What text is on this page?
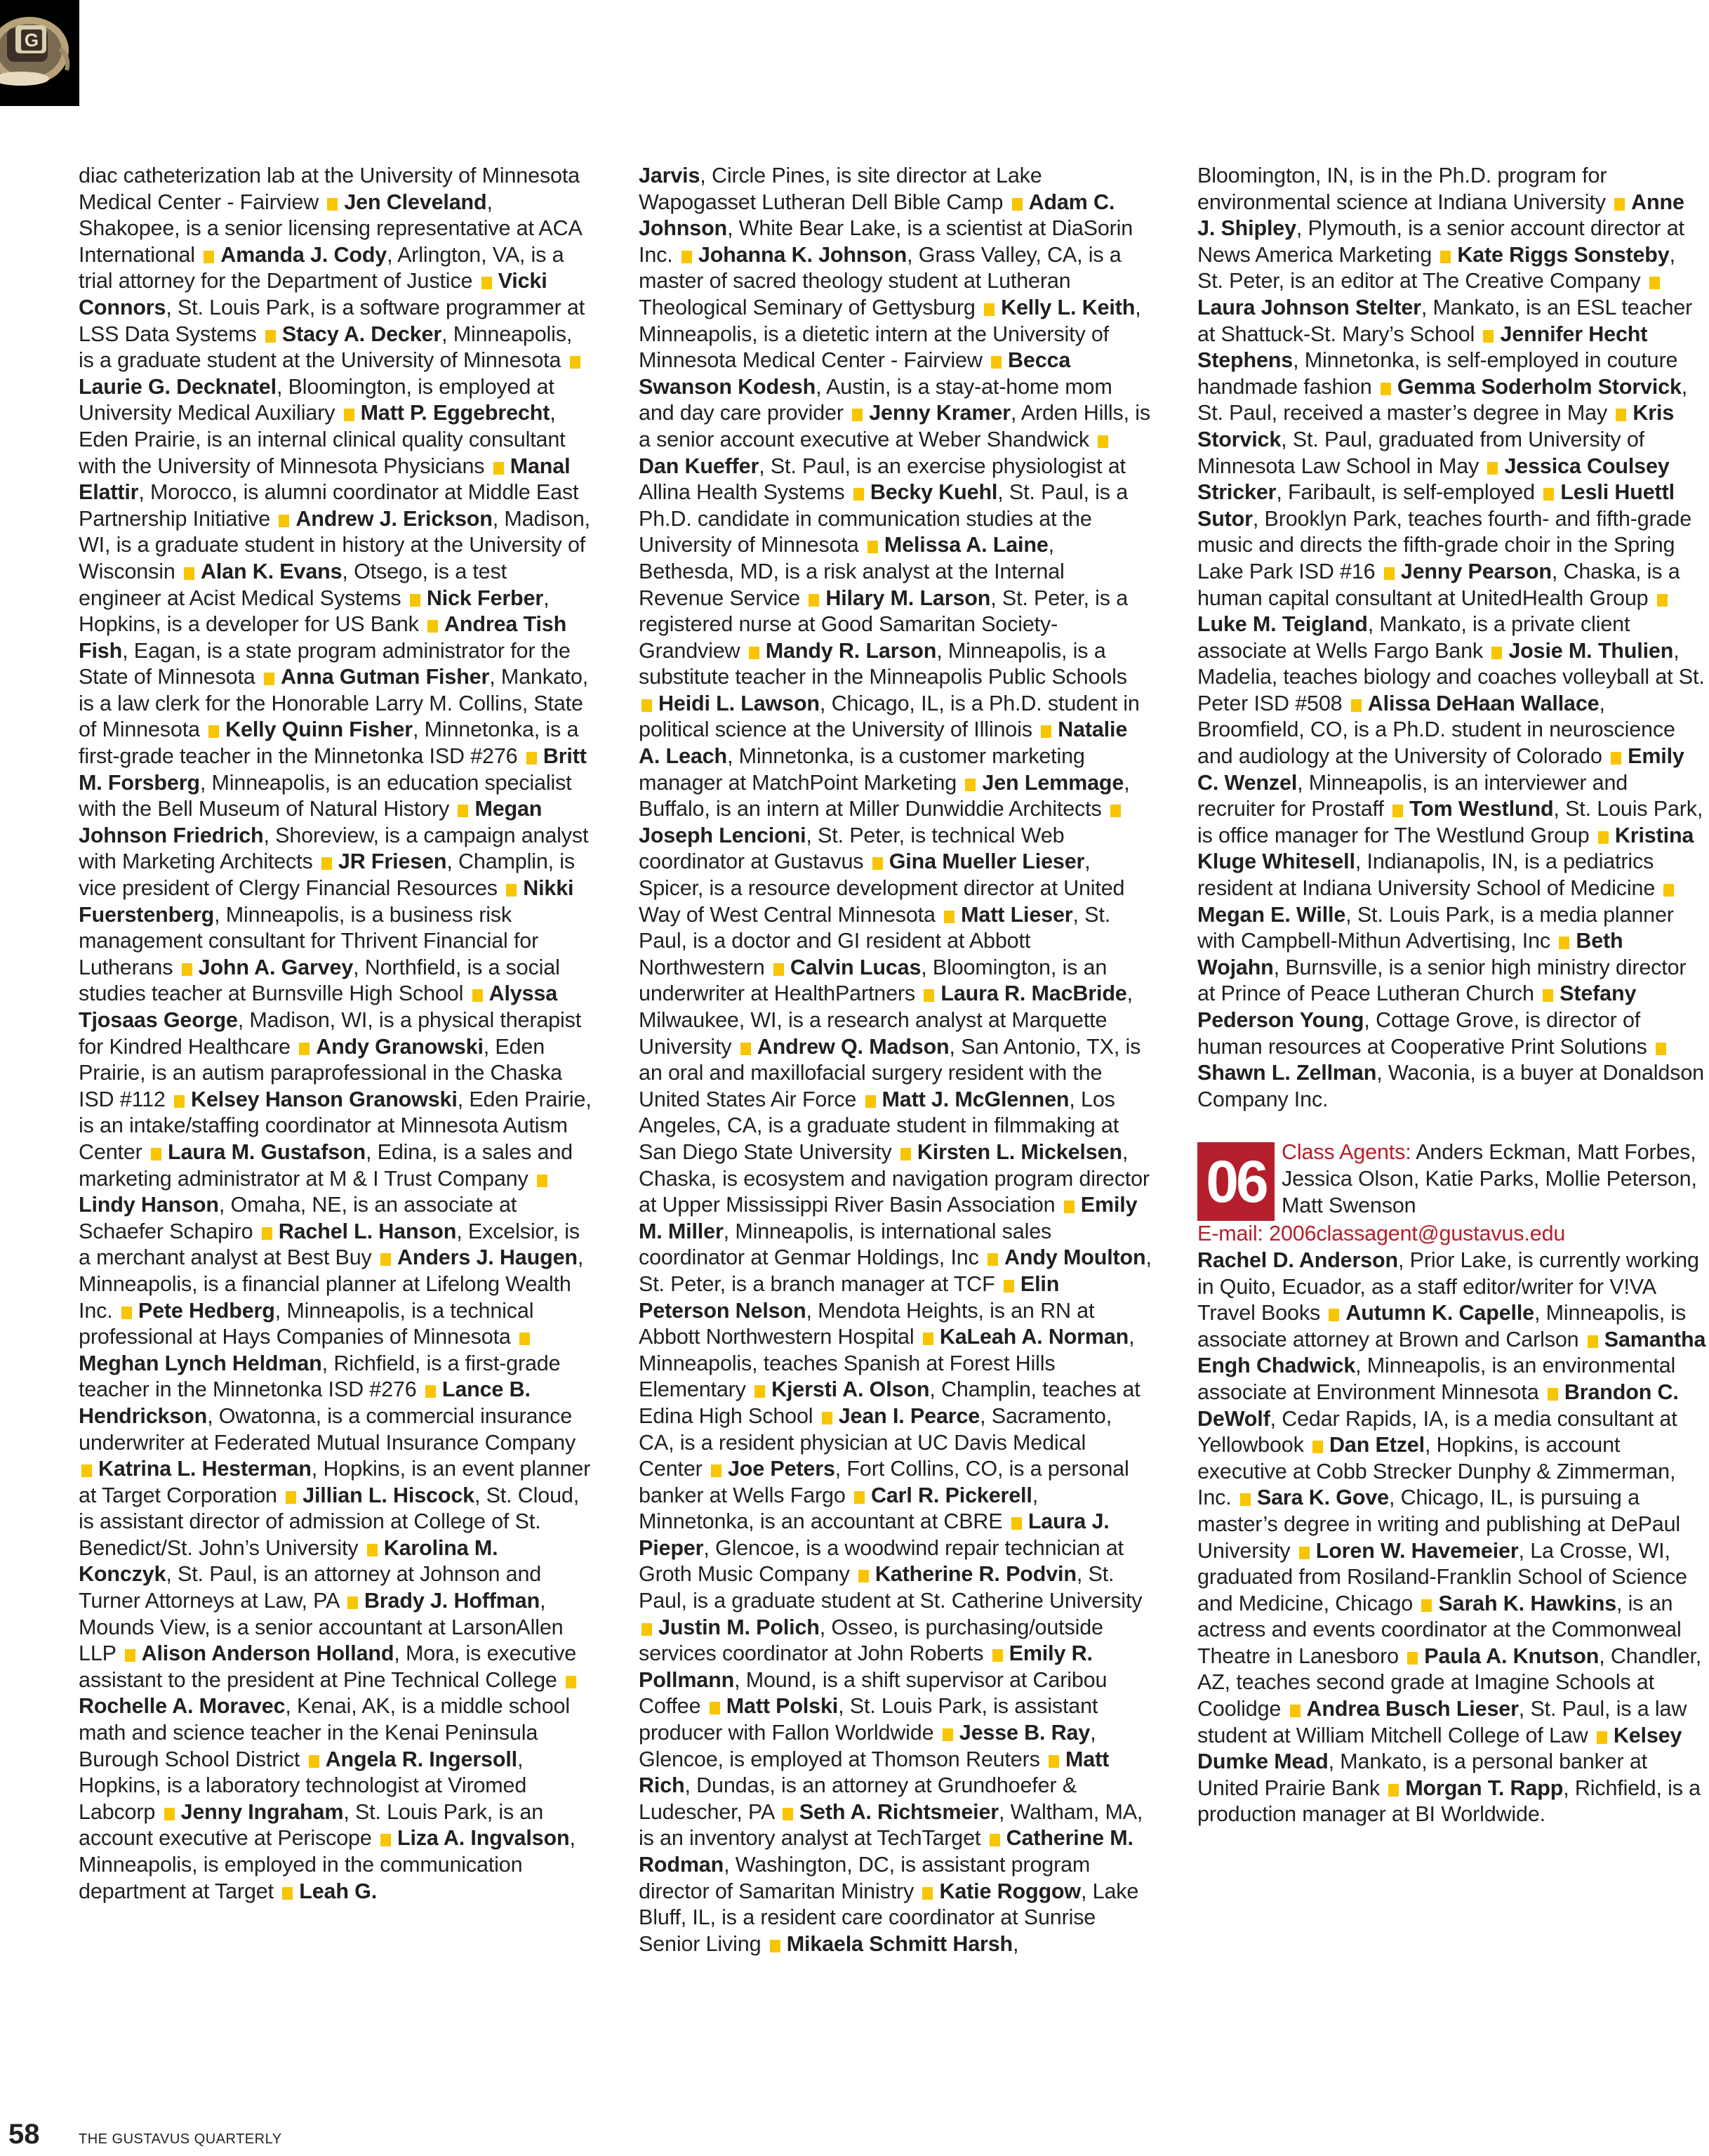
G
diac catheterization lab at the University of Minnesota Medical Center - Fairview Jen Cleveland, Shakopee, is a senior licensing representative at ACA International Amanda J. Cody, Arlington, VA, is a trial attorney for the Department of Justice Vicki Connors, St. Louis Park, is a software programmer at LSS Data Systems Stacy A. Decker, Minneapolis, is a graduate student at the University of Minnesota Laurie G. Decknatel, Bloomington, is employed at University Medical Auxiliary Matt P. Eggebrecht, Eden Prairie, is an internal clinical quality consultant with the University of Minnesota Physicians Manal Elattir, Morocco, is alumni coordinator at Middle East Partnership Initiative Andrew J. Erickson, Madison, WI, is a graduate student in history at the University of Wisconsin Alan K. Evans, Otsego, is a test engineer at Acist Medical Systems Nick Ferber, Hopkins, is a developer for US Bank Andrea Tish Fish, Eagan, is a state program administrator for the State of Minnesota Anna Gutman Fisher, Mankato, is a law clerk for the Honorable Larry M. Collins, State of Minnesota Kelly Quinn Fisher, Minnetonka, is a first-grade teacher in the Minnetonka ISD #276 Britt M. Forsberg, Minneapolis, is an education specialist with the Bell Museum of Natural History Megan Johnson Friedrich, Shoreview, is a campaign analyst with Marketing Architects JR Friesen, Champlin, is vice president of Clergy Financial Resources Nikki Fuerstenberg, Minneapolis, is a business risk management consultant for Thrivent Financial for Lutherans John A. Garvey, Northfield, is a social studies teacher at Burnsville High School Alyssa Tjosaas George, Madison, WI, is a physical therapist for Kindred Healthcare Andy Granowski, Eden Prairie, is an autism paraprofessional in the Chaska ISD #112 Kelsey Hanson Granowski, Eden Prairie, is an intake/staffing coordinator at Minnesota Autism Center Laura M. Gustafson, Edina, is a sales and marketing administrator at M & I Trust Company Lindy Hanson, Omaha, NE, is an associate at Schaefer Schapiro Rachel L. Hanson, Excelsior, is a merchant analyst at Best Buy Anders J. Haugen, Minneapolis, is a financial planner at Lifelong Wealth Inc. Pete Hedberg, Minneapolis, is a technical professional at Hays Companies of Minnesota Meghan Lynch Heldman, Richfield, is a first-grade teacher in the Minnetonka ISD #276 Lance B. Hendrickson, Owatonna, is a commercial insurance underwriter at Federated Mutual Insurance Company Katrina L. Hesterman, Hopkins, is an event planner at Target Corporation Jillian L. Hiscock, St. Cloud, is assistant director of admission at College of St. Benedict/St. John’s University Karolina M. Konczyk, St. Paul, is an attorney at Johnson and Turner Attorneys at Law, PA Brady J. Hoffman, Mounds View, is a senior accountant at LarsonAllen LLP Alison Anderson Holland, Mora, is executive assistant to the president at Pine Technical College Rochelle A. Moravec, Kenai, AK, is a middle school math and science teacher in the Kenai Peninsula Burough School District Angela R. Ingersoll, Hopkins, is a laboratory technologist at Viromed Labcorp Jenny Ingraham, St. Louis Park, is an account executive at Periscope Liza A. Ingvalson, Minneapolis, is employed in the communication department at Target Leah G.
Jarvis, Circle Pines, is site director at Lake Wapogasset Lutheran Dell Bible Camp Adam C. Johnson, White Bear Lake, is a scientist at DiaSorin Inc. Johanna K. Johnson, Grass Valley, CA, is a master of sacred theology student at Lutheran Theological Seminary of Gettysburg Kelly L. Keith, Minneapolis, is a dietetic intern at the University of Minnesota Medical Center - Fairview Becca Swanson Kodesh, Austin, is a stay-at-home mom and day care provider Jenny Kramer, Arden Hills, is a senior account executive at Weber Shandwick Dan Kueffer, St. Paul, is an exercise physiologist at Allina Health Systems Becky Kuehl, St. Paul, is a Ph.D. candidate in communication studies at the University of Minnesota Melissa A. Laine, Bethesda, MD, is a risk analyst at the Internal Revenue Service Hilary M. Larson, St. Peter, is a registered nurse at Good Samaritan Society-Grandview Mandy R. Larson, Minneapolis, is a substitute teacher in the Minneapolis Public Schools Heidi L. Lawson, Chicago, IL, is a Ph.D. student in political science at the University of Illinois Natalie A. Leach, Minnetonka, is a customer marketing manager at MatchPoint Marketing Jen Lemmage, Buffalo, is an intern at Miller Dunwiddie Architects Joseph Lencioni, St. Peter, is technical Web coordinator at Gustavus Gina Mueller Lieser, Spicer, is a resource development director at United Way of West Central Minnesota Matt Lieser, St. Paul, is a doctor and GI resident at Abbott Northwestern Calvin Lucas, Bloomington, is an underwriter at HealthPartners Laura R. MacBride, Milwaukee, WI, is a research analyst at Marquette University Andrew Q. Madson, San Antonio, TX, is an oral and maxillofacial surgery resident with the United States Air Force Matt J. McGlennen, Los Angeles, CA, is a graduate student in filmmaking at San Diego State University Kirsten L. Mickelsen, Chaska, is ecosystem and navigation program director at Upper Mississippi River Basin Association Emily M. Miller, Minneapolis, is international sales coordinator at Genmar Holdings, Inc Andy Moulton, St. Peter, is a branch manager at TCF Elin Peterson Nelson, Mendota Heights, is an RN at Abbott Northwestern Hospital KaLeah A. Norman, Minneapolis, teaches Spanish at Forest Hills Elementary Kjersti A. Olson, Champlin, teaches at Edina High School Jean I. Pearce, Sacramento, CA, is a resident physician at UC Davis Medical Center Joe Peters, Fort Collins, CO, is a personal banker at Wells Fargo Carl R. Pickerell, Minnetonka, is an accountant at CBRE Laura J. Pieper, Glencoe, is a woodwind repair technician at Groth Music Company Katherine R. Podvin, St. Paul, is a graduate student at St. Catherine University Justin M. Polich, Osseo, is purchasing/outside services coordinator at John Roberts Emily R. Pollmann, Mound, is a shift supervisor at Caribou Coffee Matt Polski, St. Louis Park, is assistant producer with Fallon Worldwide Jesse B. Ray, Glencoe, is employed at Thomson Reuters Matt Rich, Dundas, is an attorney at Grundhoefer & Ludescher, PA Seth A. Richtsmeier, Waltham, MA, is an inventory analyst at TechTarget Catherine M. Rodman, Washington, DC, is assistant program director of Samaritan Ministry Katie Roggow, Lake Bluff, IL, is a resident care coordinator at Sunrise Senior Living Mikaela Schmitt Harsh,
Bloomington, IN, is in the Ph.D. program for environmental science at Indiana University Anne J. Shipley, Plymouth, is a senior account director at News America Marketing Kate Riggs Sonsteby, St. Peter, is an editor at The Creative Company Laura Johnson Stelter, Mankato, is an ESL teacher at Shattuck-St. Mary’s School Jennifer Hecht Stephens, Minnetonka, is self-employed in couture handmade fashion Gemma Soderholm Storvick, St. Paul, received a master’s degree in May Kris Storvick, St. Paul, graduated from University of Minnesota Law School in May Jessica Coulsey Stricker, Faribault, is self-employed Lesli Huettl Sutor, Brooklyn Park, teaches fourth- and fifth-grade music and directs the fifth-grade choir in the Spring Lake Park ISD #16 Jenny Pearson, Chaska, is a human capital consultant at UnitedHealth Group Luke M. Teigland, Mankato, is a private client associate at Wells Fargo Bank Josie M. Thulien, Madelia, teaches biology and coaches volleyball at St. Peter ISD #508 Alissa DeHaan Wallace, Broomfield, CO, is a Ph.D. student in neuroscience and audiology at the University of Colorado Emily C. Wenzel, Minneapolis, is an interviewer and recruiter for Prostaff Tom Westlund, St. Louis Park, is office manager for The Westlund Group Kristina Kluge Whitesell, Indianapolis, IN, is a pediatrics resident at Indiana University School of Medicine Megan E. Wille, St. Louis Park, is a media planner with Campbell-Mithun Advertising, Inc Beth Wojahn, Burnsville, is a senior high ministry director at Prince of Peace Lutheran Church Stefany Pederson Young, Cottage Grove, is director of human resources at Cooperative Print Solutions Shawn L. Zellman, Waconia, is a buyer at Donaldson Company Inc.
06 Class Agents: Anders Eckman, Matt Forbes, Jessica Olson, Katie Parks, Mollie Peterson, Matt Swenson
E-mail: 2006classagent@gustavus.edu
Rachel D. Anderson, Prior Lake, is currently working in Quito, Ecuador, as a staff editor/writer for V!VA Travel Books Autumn K. Capelle, Minneapolis, is associate attorney at Brown and Carlson Samantha Engh Chadwick, Minneapolis, is an environmental associate at Environment Minnesota Brandon C. DeWolf, Cedar Rapids, IA, is a media consultant at Yellowbook Dan Etzel, Hopkins, is account executive at Cobb Strecker Dunphy & Zimmerman, Inc. Sara K. Gove, Chicago, IL, is pursuing a master’s degree in writing and publishing at DePaul University Loren W. Havemeier, La Crosse, WI, graduated from Rosiland-Franklin School of Science and Medicine, Chicago Sarah K. Hawkins, is an actress and events coordinator at the Commonweal Theatre in Lanesboro Paula A. Knutson, Chandler, AZ, teaches second grade at Imagine Schools at Coolidge Andrea Busch Lieser, St. Paul, is a law student at William Mitchell College of Law Kelsey Dumke Mead, Mankato, is a personal banker at United Prairie Bank Morgan T. Rapp, Richfield, is a production manager at BI Worldwide.
58	THE GUSTAVUS QUARTERLY
